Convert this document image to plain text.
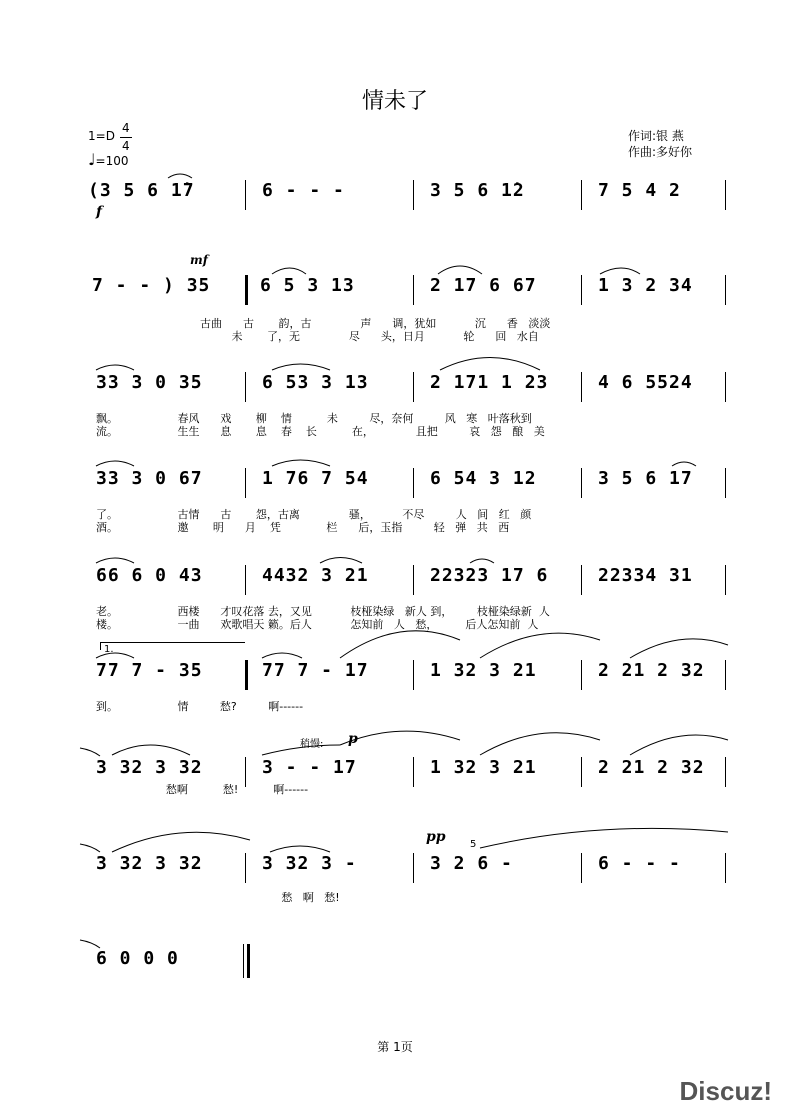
情未了
1=D
4
4
♩=100
作词:银 燕
作曲:多好你
(3 5 6 1̇7	6 - - -	3 5 6 1̇2	7 5 4 2
f
mf
7 - - ) 35	6 5 3 13	2 17 6 67	1 3 2 34
古曲      古       韵，古              声      调，犹如           沉      香   淡淡
未       了，无              尽      头，日月           轮      回   水自
33 3 0 35	6 53 3 13	2 171 1 23	4 6 5524
飘。                 春风      戏       柳    情          未         尽，奈何         风   寒   叶落秋到
流。                 生生      息       息    春    长          在，            且把         哀   怨   酿   美
33 3 0 67	1 76 7 54	6 54 3 12	3 5 6 17
了。                 古情      古       怨，古离              骚，         不尽         人   间   红   颜
酒。                 邀       明      月    凭             栏      后，玉指         轻   弹   共   西
66 6 0 43	4432 3 21	22323 17 6	22334 31
老。                 西楼      才叹花落 去，又见           枝桠染绿   新人 到，       枝桠染绿新  人
楼。                 一曲      欢歌唱天 籁。后人           怎知前   人   愁，        后人怎知前  人
1.
77 7 - 35	77 7 - 17	1 32 3 21	2 21 2 32
到。                 情         愁?         啊------
稍慢: p
3 32 3 32	3 - - 17	1 32 3 21	2 21 2 32
愁啊          愁!          啊------
pp 5
3 32 3 32	3 32 3 -	3 2 6 -	6 - - -
愁   啊   愁!
6 0 0 0
第 1页
Discuz!
